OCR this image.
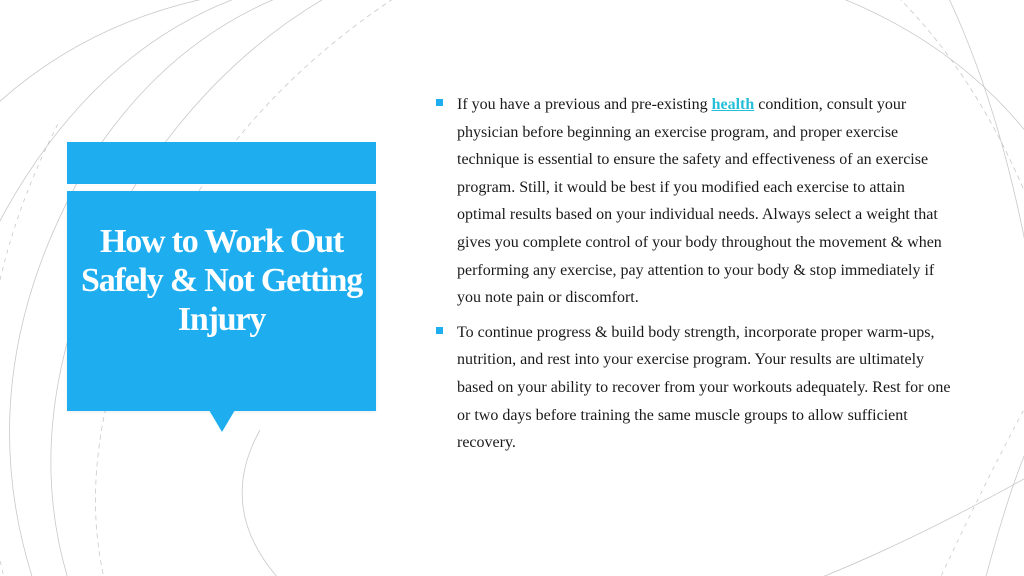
How to Work Out Safely & Not Getting Injury
If you have a previous and pre-existing health condition, consult your physician before beginning an exercise program, and proper exercise technique is essential to ensure the safety and effectiveness of an exercise program. Still, it would be best if you modified each exercise to attain optimal results based on your individual needs. Always select a weight that gives you complete control of your body throughout the movement & when performing any exercise, pay attention to your body & stop immediately if you note pain or discomfort.
To continue progress & build body strength, incorporate proper warm-ups, nutrition, and rest into your exercise program. Your results are ultimately based on your ability to recover from your workouts adequately. Rest for one or two days before training the same muscle groups to allow sufficient recovery.
